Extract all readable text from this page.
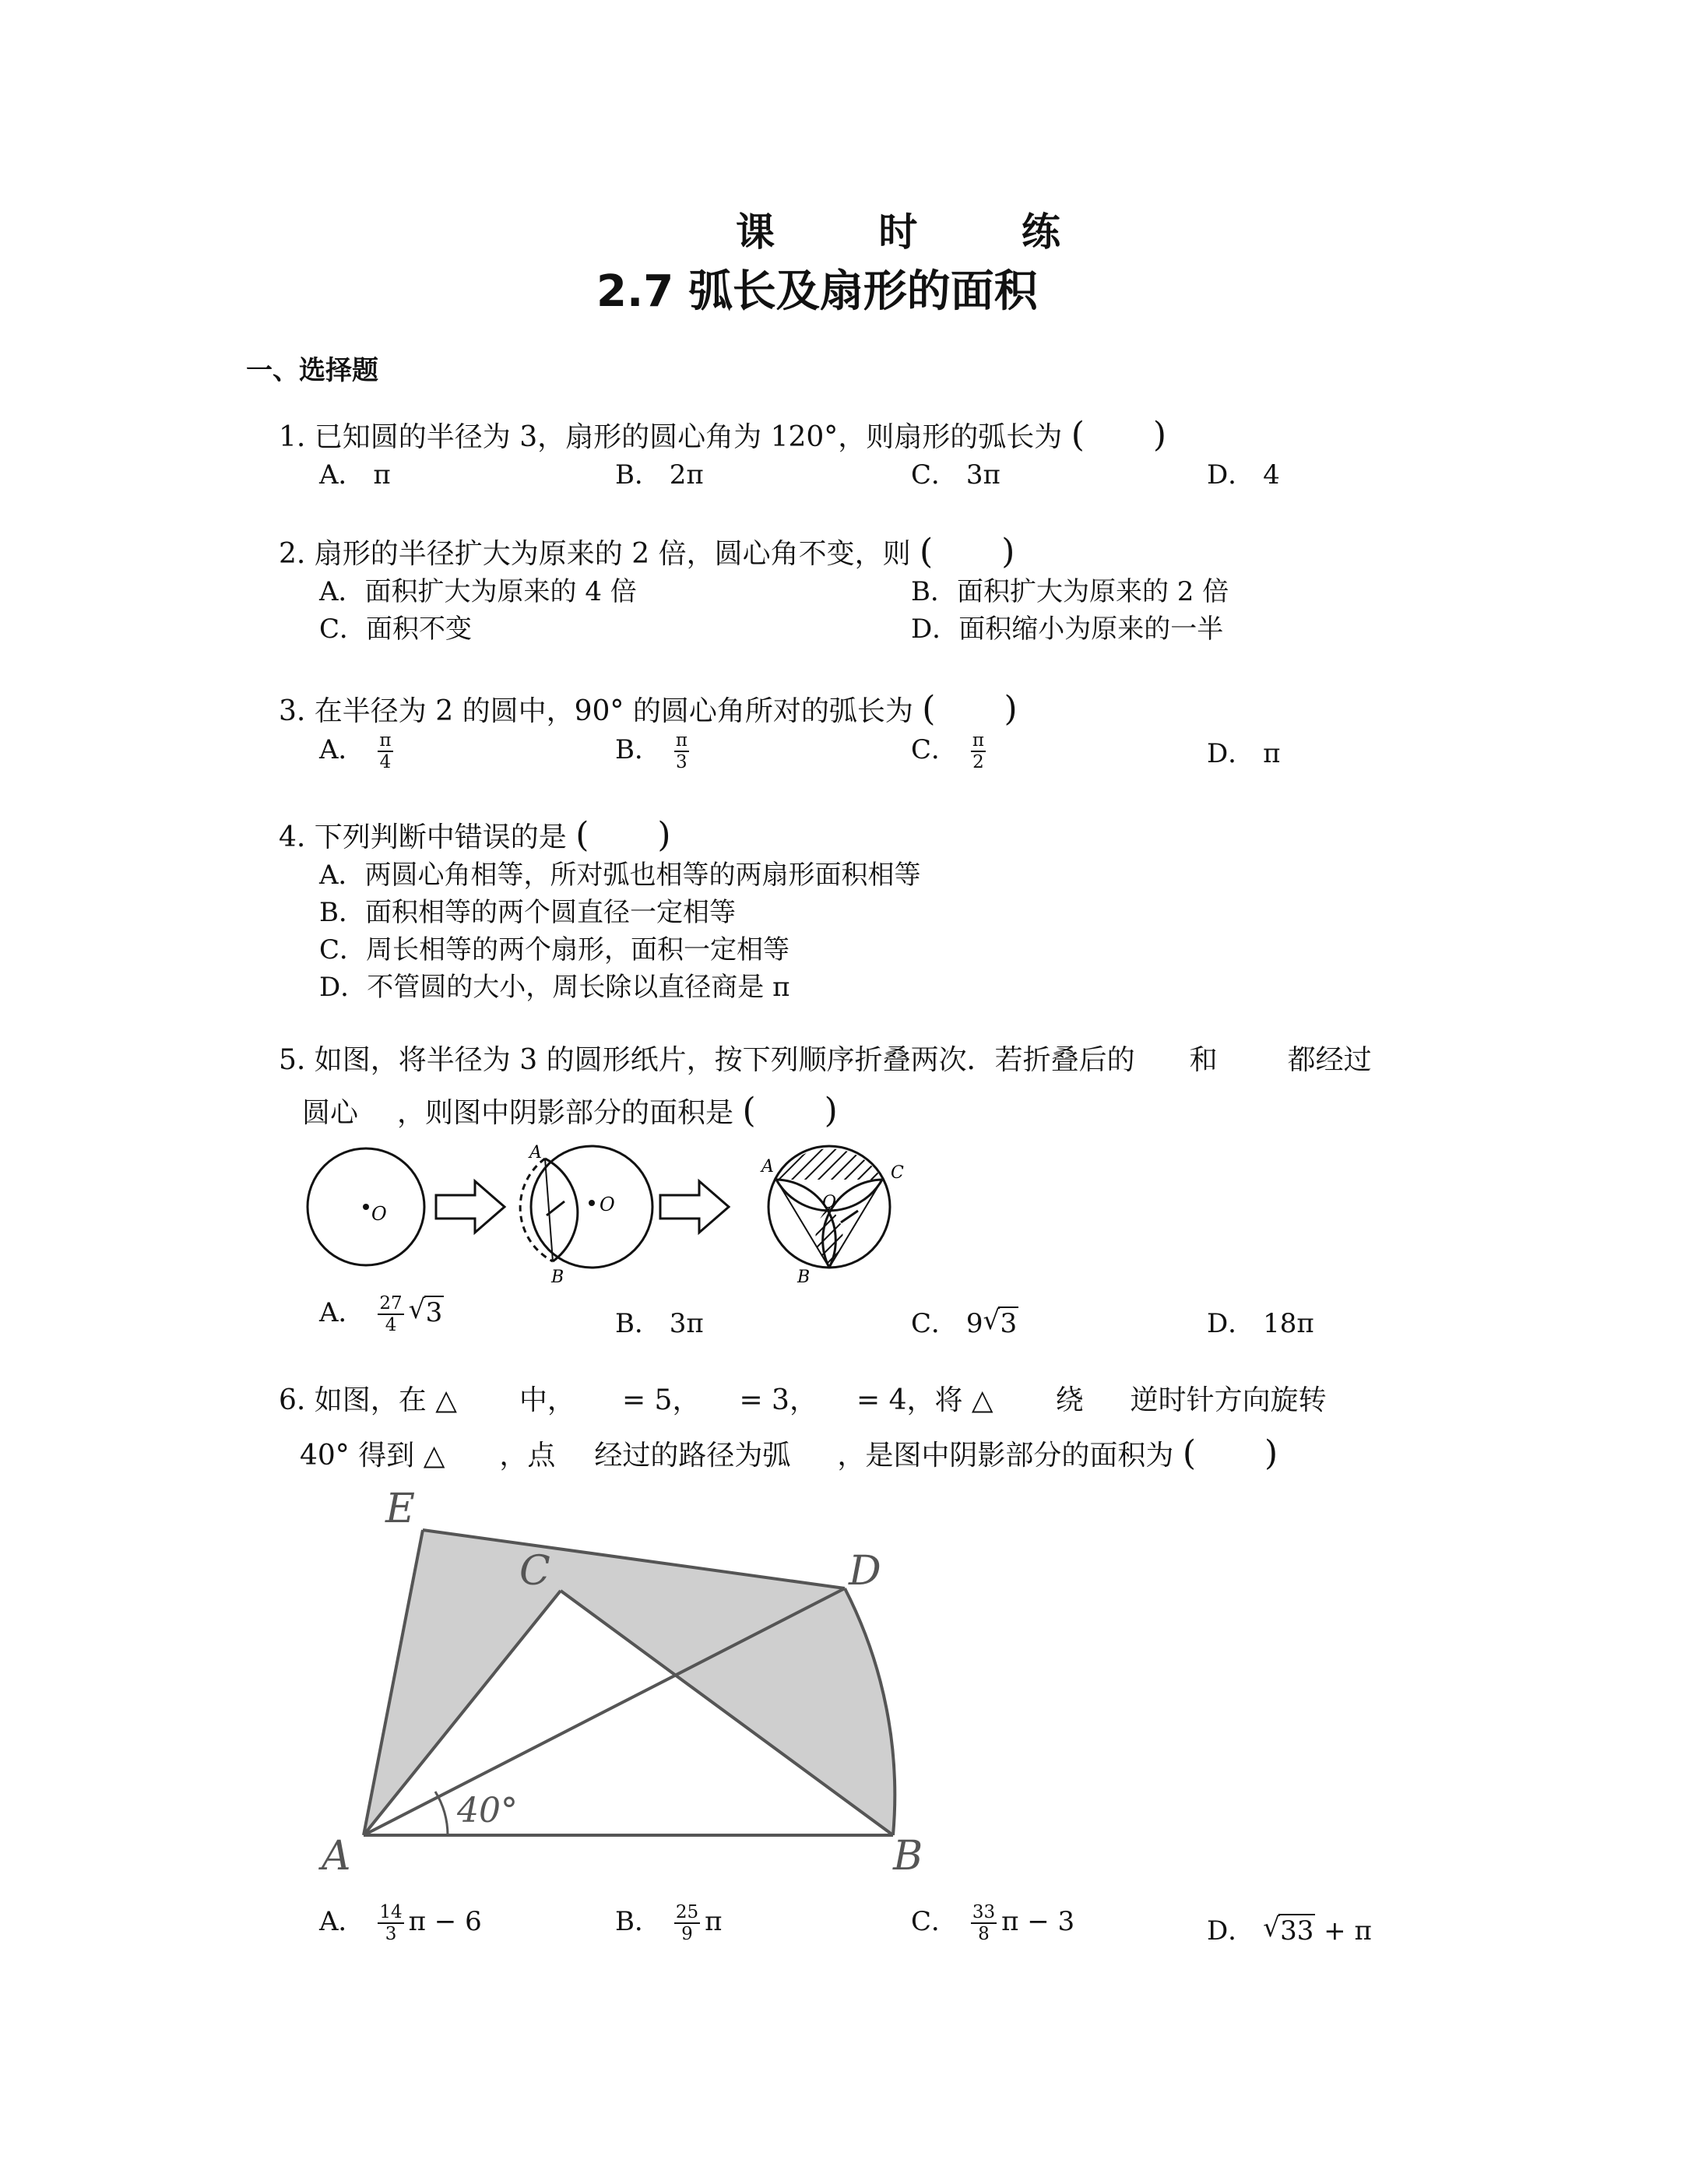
课 时 练
2.7 弧长及扇形的面积
一、选择题
1. 已知圆的半径为 3，扇形的圆心角为 120°，则扇形的弧长为 (　　)
A． π	B． 2π	C． 3π	D． 4
2. 扇形的半径扩大为原来的 2 倍，圆心角不变，则 (　　)
A．面积扩大为原来的 4 倍	B．面积扩大为原来的 2 倍
C．面积不变	D．面积缩小为原来的一半
3. 在半径为 2 的圆中，90° 的圆心角所对的弧长为 (　　)
A． $\frac{\pi}{4}$	B． $\frac{\pi}{3}$	C． $\frac{\pi}{2}$	D． π
4. 下列判断中错误的是 (　　)
A．两圆心角相等，所对弧也相等的两扇形面积相等
B．面积相等的两个圆直径一定相等
C．周长相等的两个扇形，面积一定相等
D．不管圆的大小，周长除以直径商是 π
5. 如图，将半径为 3 的圆形纸片，按下列顺序折叠两次．若折叠后的 和	都经过
圆心 ，则图中阴影部分的面积是 (　　)
O	O
A
B
A	C
O
B
A． $\frac{27}{4}$ √ 3	B． 3π	C． 9 √ 3	D． 18π
6. 如图，在 △ 中， = 5， = 3， = 4，将 △ 绕 逆时针方向旋转
40° 得到 △ ，点 经过的路径为弧 ，是图中阴影部分的面积为 (　　)
E
C	D
A	B
40°
A． $\frac{14}{3}$ π − 6	B． $\frac{25}{9}$ π	C． $\frac{33}{8}$ π − 3	D． √ 33 + π
